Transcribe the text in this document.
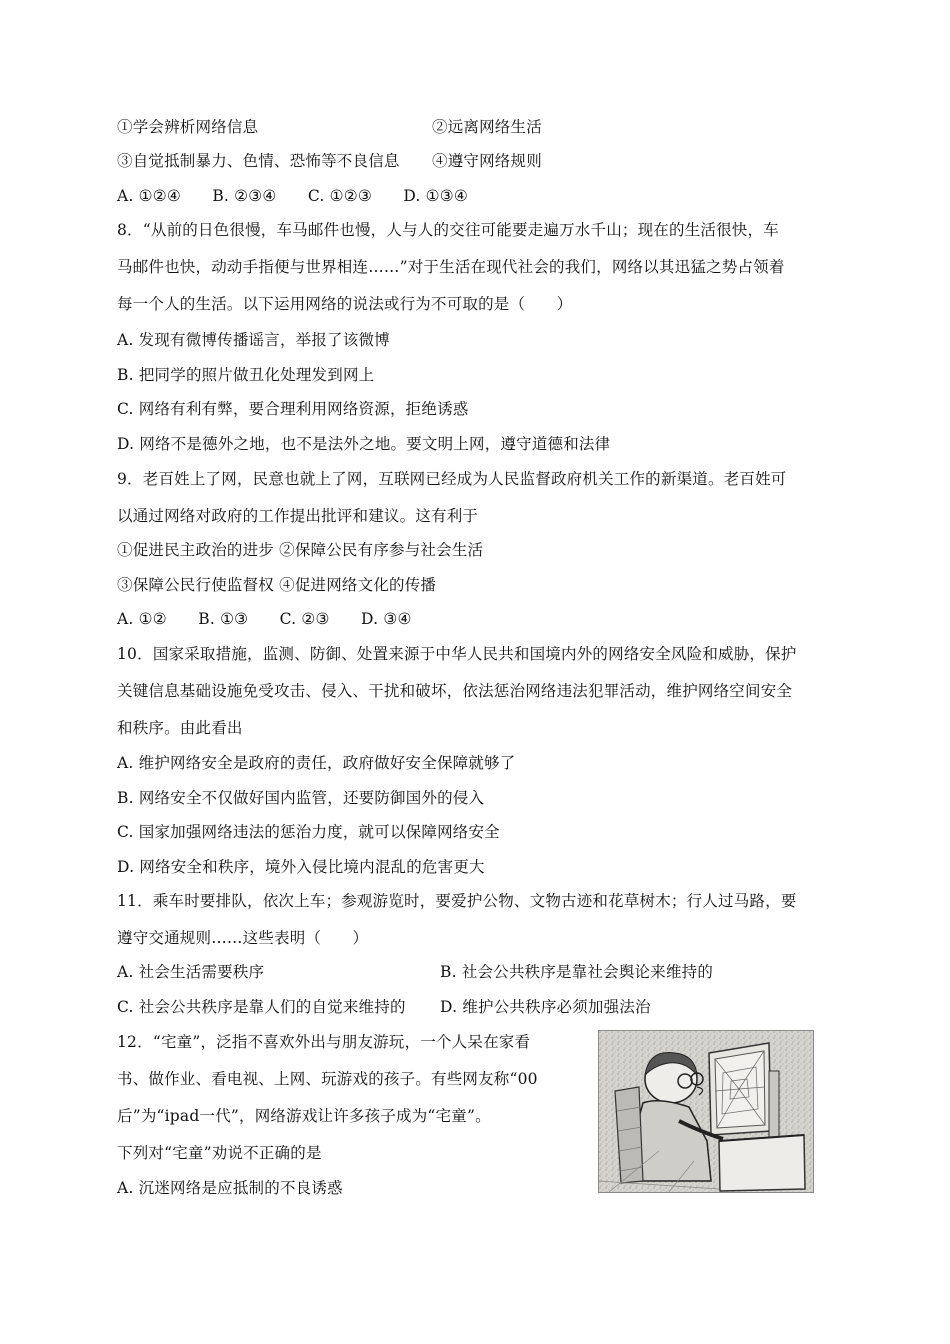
①学会辨析网络信息	②远离网络生活
③自觉抵制暴力、色情、恐怖等不良信息 ④遵守网络规则
A. ①②④　　B. ②③④　　C. ①②③　　D. ①③④
8．“从前的日色很慢，车马邮件也慢，人与人的交往可能要走遍万水千山；现在的生活很快，车
马邮件也快，动动手指便与世界相连……”对于生活在现代社会的我们，网络以其迅猛之势占领着
每一个人的生活。以下运用网络的说法或行为不可取的是（　　）
A. 发现有微博传播谣言，举报了该微博
B. 把同学的照片做丑化处理发到网上
C. 网络有利有弊，要合理利用网络资源，拒绝诱惑
D. 网络不是德外之地，也不是法外之地。要文明上网，遵守道德和法律
9．老百姓上了网，民意也就上了网，互联网已经成为人民监督政府机关工作的新渠道。老百姓可
以通过网络对政府的工作提出批评和建议。这有利于
①促进民主政治的进步 ②保障公民有序参与社会生活
③保障公民行使监督权 ④促进网络文化的传播
A. ①②　　B. ①③　　C. ②③　　D. ③④
10．国家采取措施，监测、防御、处置来源于中华人民共和国境内外的网络安全风险和威胁，保护
关键信息基础设施免受攻击、侵入、干扰和破坏，依法惩治网络违法犯罪活动，维护网络空间安全
和秩序。由此看出
A. 维护网络安全是政府的责任，政府做好安全保障就够了
B. 网络安全不仅做好国内监管，还要防御国外的侵入
C. 国家加强网络违法的惩治力度，就可以保障网络安全
D. 网络安全和秩序，境外入侵比境内混乱的危害更大
11．乘车时要排队，依次上车；参观游览时，要爱护公物、文物古迹和花草树木；行人过马路，要
遵守交通规则……这些表明（　　）
A. 社会生活需要秩序	B. 社会公共秩序是靠社会舆论来维持的
C. 社会公共秩序是靠人们的自觉来维持的 D. 维护公共秩序必须加强法治
12．“宅童”，泛指不喜欢外出与朋友游玩，一个人呆在家看
书、做作业、看电视、上网、玩游戏的孩子。有些网友称“00
后”为“ipad一代”，网络游戏让许多孩子成为“宅童”。
下列对“宅童”劝说不正确的是
A. 沉迷网络是应抵制的不良诱惑
